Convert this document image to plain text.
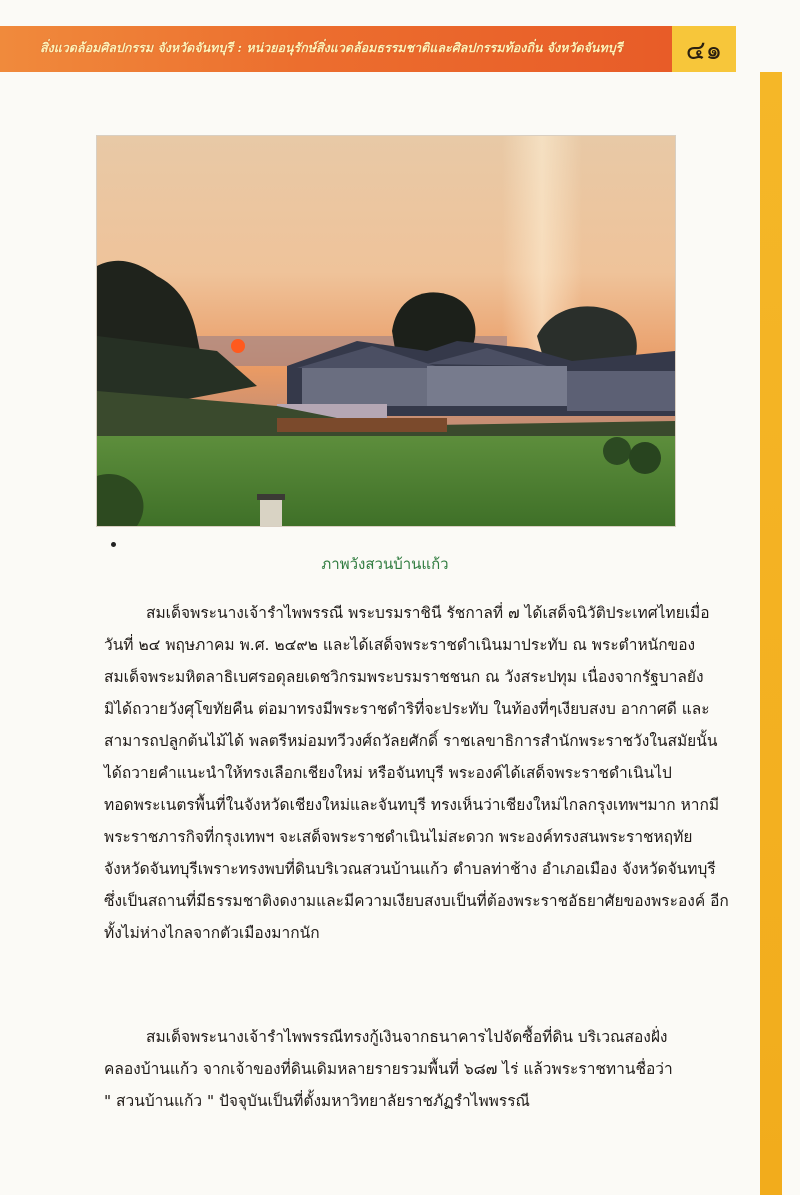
สิ่งแวดล้อมศิลปกรรม จังหวัดจันทบุรี : หน่วยอนุรักษ์สิ่งแวดล้อมธรรมชาติและศิลปกรรมท้องถิ่น จังหวัดจันทบุรี	๔๑
ภาพวังสวนบ้านแก้ว

สมเด็จพระนางเจ้ารำไพพรรณี พระบรมราชินี รัชกาลที่ ๗ ได้เสด็จนิวัติประเทศไทยเมื่อ

วันที่ ๒๔ พฤษภาคม พ.ศ. ๒๔๙๒ และได้เสด็จพระราชดำเนินมาประทับ ณ พระตำหนักของ

สมเด็จพระมหิตลาธิเบศรอดุลยเดชวิกรมพระบรมราชชนก ณ วังสระปทุม เนื่องจากรัฐบาลยัง

มิได้ถวายวังศุโขทัยคืน ต่อมาทรงมีพระราชดำริที่จะประทับ ในท้องที่ๆเงียบสงบ อากาศดี และ

สามารถปลูกต้นไม้ได้ พลตรีหม่อมทวีวงศ์ถวัลยศักดิ์ ราชเลขาธิการสำนักพระราชวังในสมัยนั้น

ได้ถวายคำแนะนำให้ทรงเลือกเชียงใหม่ หรือจันทบุรี พระองค์ได้เสด็จพระราชดำเนินไป

ทอดพระเนตรพื้นที่ในจังหวัดเชียงใหม่และจันทบุรี ทรงเห็นว่าเชียงใหม่ไกลกรุงเทพฯมาก หากมี

พระราชภารกิจที่กรุงเทพฯ จะเสด็จพระราชดำเนินไม่สะดวก พระองค์ทรงสนพระราชหฤทัย

จังหวัดจันทบุรีเพราะทรงพบที่ดินบริเวณสวนบ้านแก้ว ตำบลท่าช้าง อำเภอเมือง จังหวัดจันทบุรี

ซึ่งเป็นสถานที่มีธรรมชาติงดงามและมีความเงียบสงบเป็นที่ต้องพระราชอัธยาศัยของพระองค์ อีก

ทั้งไม่ห่างไกลจากตัวเมืองมากนัก

สมเด็จพระนางเจ้ารำไพพรรณีทรงกู้เงินจากธนาคารไปจัดซื้อที่ดิน บริเวณสองฝั่ง

คลองบ้านแก้ว จากเจ้าของที่ดินเดิมหลายรายรวมพื้นที่ ๖๘๗ ไร่ แล้วพระราชทานชื่อว่า

" สวนบ้านแก้ว " ปัจจุบันเป็นที่ตั้งมหาวิทยาลัยราชภัฏรำไพพรรณี
